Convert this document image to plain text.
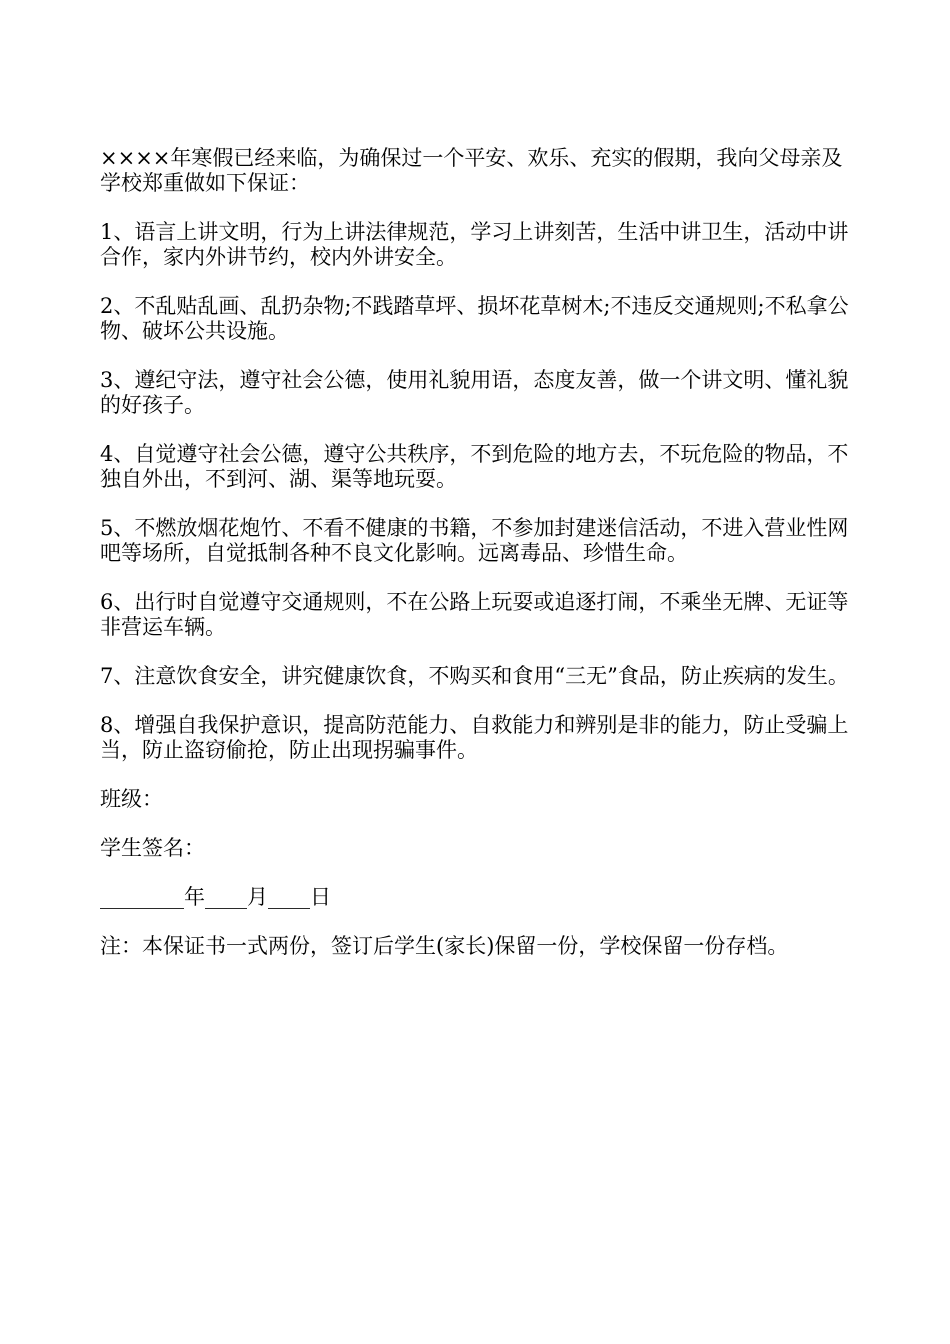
××××年寒假已经来临，为确保过一个平安、欢乐、充实的假期，我向父母亲及学校郑重做如下保证：

1、语言上讲文明，行为上讲法律规范，学习上讲刻苦，生活中讲卫生，活动中讲合作，家内外讲节约，校内外讲安全。

2、不乱贴乱画、乱扔杂物;不践踏草坪、损坏花草树木;不违反交通规则;不私拿公物、破坏公共设施。

3、遵纪守法，遵守社会公德，使用礼貌用语，态度友善，做一个讲文明、懂礼貌的好孩子。

4、自觉遵守社会公德，遵守公共秩序，不到危险的地方去，不玩危险的物品，不独自外出，不到河、湖、渠等地玩耍。

5、不燃放烟花炮竹、不看不健康的书籍，不参加封建迷信活动，不进入营业性网吧等场所，自觉抵制各种不良文化影响。远离毒品、珍惜生命。

6、出行时自觉遵守交通规则，不在公路上玩耍或追逐打闹，不乘坐无牌、无证等非营运车辆。

7、注意饮食安全，讲究健康饮食，不购买和食用“三无”食品，防止疾病的发生。

8、增强自我保护意识，提高防范能力、自救能力和辨别是非的能力，防止受骗上当，防止盗窃偷抢，防止出现拐骗事件。

班级：

学生签名：

________年____月____日

注：本保证书一式两份，签订后学生(家长)保留一份，学校保留一份存档。
